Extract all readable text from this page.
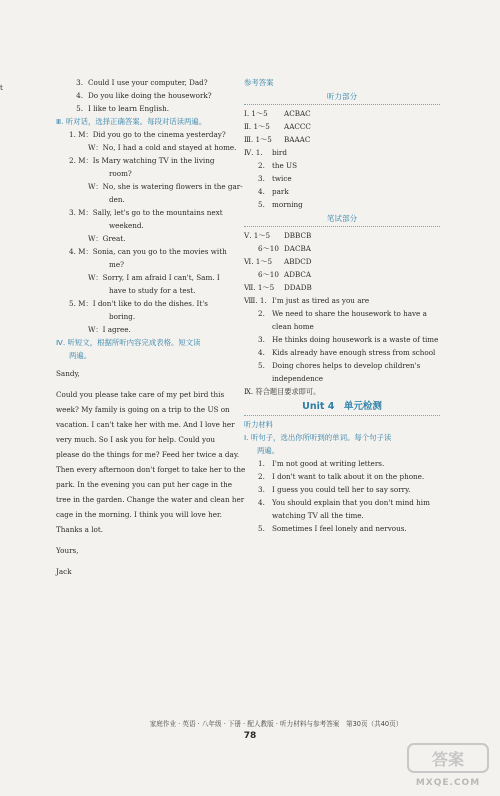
t
3. Could I use your computer, Dad?
4. Do you like doing the housework?
5. I like to learn English.
Ⅲ. 听对话，选择正确答案。每段对话读两遍。
1. M：Did you go to the cinema yesterday?
W：No, I had a cold and stayed at home.
2. M：Is Mary watching TV in the living
room?
W：No, she is watering flowers in the gar-
den.
3. M：Sally, let's go to the mountains next
weekend.
W：Great.
4. M：Sonia, can you go to the movies with
me?
W：Sorry, I am afraid I can't, Sam. I
have to study for a test.
5. M：I don't like to do the dishes. It's
boring.
W：I agree.
Ⅳ. 听短文，根据所听内容完成表格。短文读
两遍。
Sandy,
Could you please take care of my pet bird this
week? My family is going on a trip to the US on
vacation. I can't take her with me. And I love her
very much. So I ask you for help. Could you
please do the things for me? Feed her twice a day.
Then every afternoon don't forget to take her to the
park. In the evening you can put her cage in the
tree in the garden. Change the water and clean her
cage in the morning. I think you will love her.
Thanks a lot.
Yours,
Jack
参考答案
听力部分
Ⅰ. 1～5 ACBAC
Ⅱ. 1～5 AACCC
Ⅲ. 1～5 BAAAC
Ⅳ. 1. bird
2. the US
3. twice
4. park
5. morning
笔试部分
Ⅴ. 1～5 DBBCB
6～10 DACBA
Ⅵ. 1～5 ABDCD
6～10 ADBCA
Ⅶ. 1～5 DDADB
Ⅷ. 1. I'm just as tired as you are
2. We need to share the housework to have a
clean home
3. He thinks doing housework is a waste of time
4. Kids already have enough stress from school
5. Doing chores helps to develop children's
independence
Ⅸ. 符合题目要求即可。
Unit 4　单元检测
听力材料
Ⅰ. 听句子，选出你所听到的单词。每个句子读
两遍。
1. I'm not good at writing letters.
2. I don't want to talk about it on the phone.
3. I guess you could tell her to say sorry.
4. You should explain that you don't mind him
watching TV all the time.
5. Sometimes I feel lonely and nervous.
家庭作业 · 英语 · 八年级 · 下册 · 配人教版 · 听力材料与参考答案　第30页（共40页）
78
答案
MXQE.COM
